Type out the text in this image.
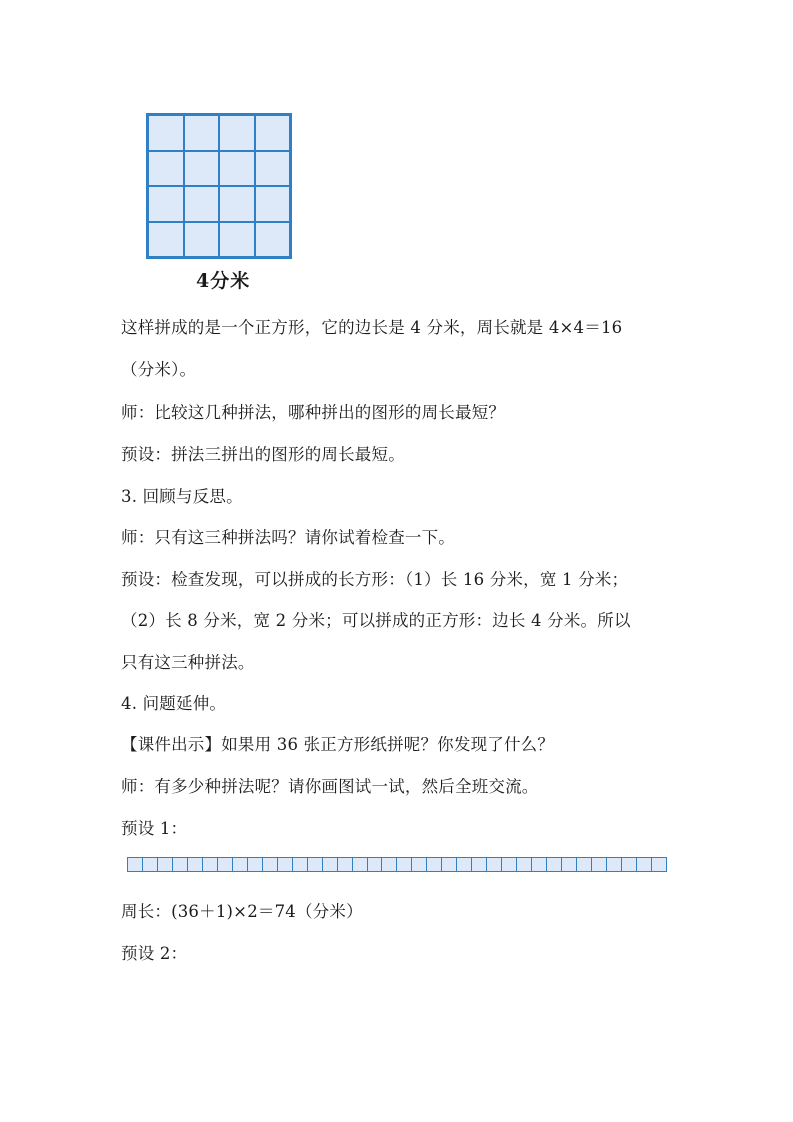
4分米
这样拼成的是一个正方形，它的边长是 4 分米，周长就是 4×4＝16
（分米）。
师：比较这几种拼法，哪种拼出的图形的周长最短？
预设：拼法三拼出的图形的周长最短。
3. 回顾与反思。
师：只有这三种拼法吗？请你试着检查一下。
预设：检查发现，可以拼成的长方形：（1）长 16 分米，宽 1 分米；
（2）长 8 分米，宽 2 分米；可以拼成的正方形：边长 4 分米。所以
只有这三种拼法。
4. 问题延伸。
【课件出示】如果用 36 张正方形纸拼呢？你发现了什么？
师：有多少种拼法呢？请你画图试一试，然后全班交流。
预设 1：
周长：(36＋1)×2＝74（分米）
预设 2：
